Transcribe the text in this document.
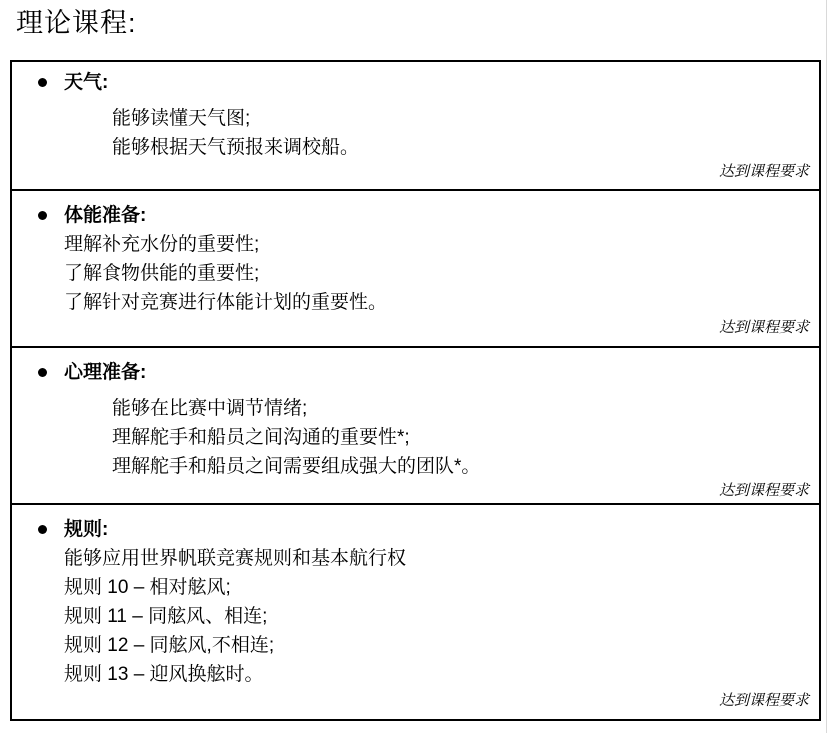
理论课程:
天气:

能够读懂天气图;

能够根据天气预报来调校船。

达到课程要求
体能准备:

理解补充水份的重要性;

了解食物供能的重要性;

了解针对竞赛进行体能计划的重要性。

达到课程要求
心理准备:

能够在比赛中调节情绪;

理解舵手和船员之间沟通的重要性*;

理解舵手和船员之间需要组成强大的团队*。

达到课程要求
规则:

能够应用世界帆联竞赛规则和基本航行权

规则 10 – 相对舷风;

规则 11 – 同舷风、相连;

规则 12 – 同舷风,不相连;

规则 13 – 迎风换舷时。

达到课程要求
